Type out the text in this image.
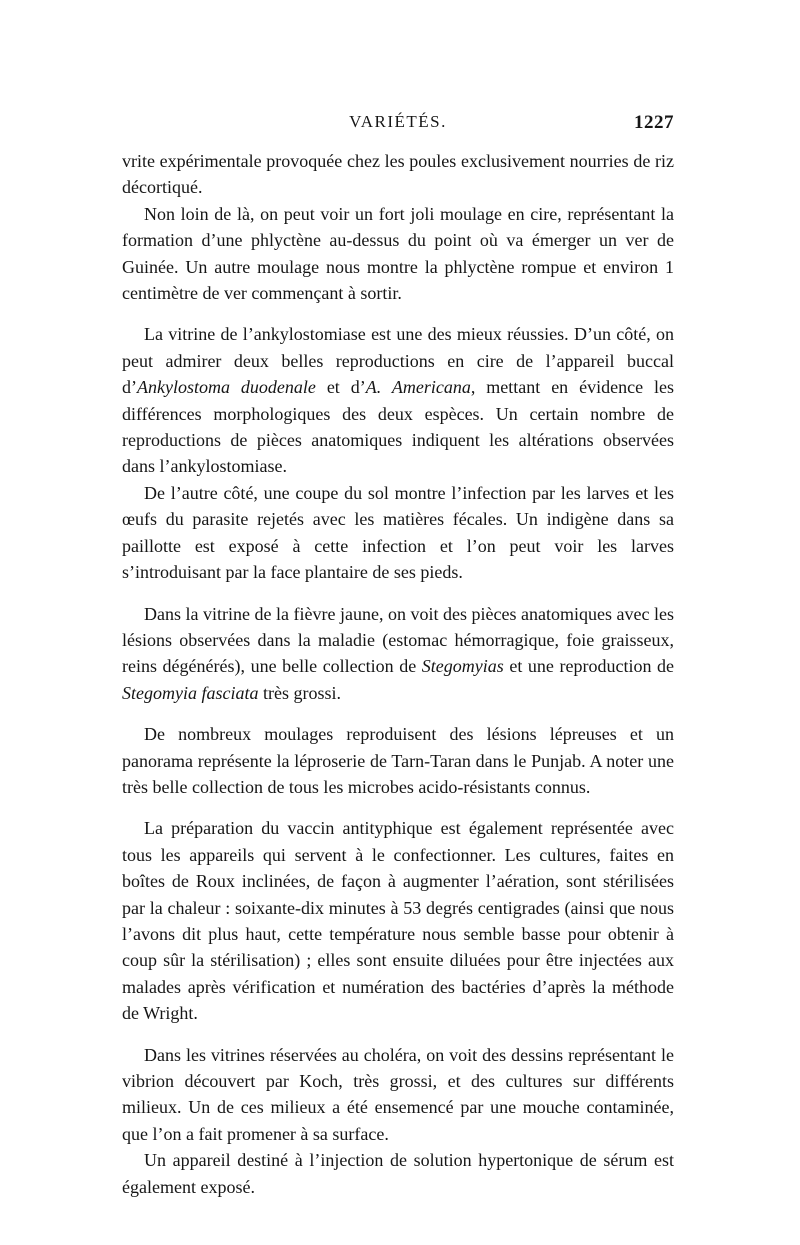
VARIÉTÉS.	1227

vrite expérimentale provoquée chez les poules exclusivement nourries de riz décortiqué.

Non loin de là, on peut voir un fort joli moulage en cire, représentant la formation d’une phlyctène au-dessus du point où va émerger un ver de Guinée. Un autre moulage nous montre la phlyctène rompue et environ 1 centimètre de ver commençant à sortir.

La vitrine de l’ankylostomiase est une des mieux réussies. D’un côté, on peut admirer deux belles reproductions en cire de l’appareil buccal d’Ankylostoma duodenale et d’A. Americana, mettant en évidence les différences morphologiques des deux espèces. Un certain nombre de reproductions de pièces anatomiques indiquent les altérations observées dans l’ankylostomiase.

De l’autre côté, une coupe du sol montre l’infection par les larves et les œufs du parasite rejetés avec les matières fécales. Un indigène dans sa paillotte est exposé à cette infection et l’on peut voir les larves s’introduisant par la face plantaire de ses pieds.

Dans la vitrine de la fièvre jaune, on voit des pièces anatomiques avec les lésions observées dans la maladie (estomac hémorragique, foie graisseux, reins dégénérés), une belle collection de Stegomyias et une reproduction de Stegomyia fasciata très grossi.

De nombreux moulages reproduisent des lésions lépreuses et un panorama représente la léproserie de Tarn-Taran dans le Punjab. A noter une très belle collection de tous les microbes acido-résistants connus.

La préparation du vaccin antityphique est également représentée avec tous les appareils qui servent à le confectionner. Les cultures, faites en boîtes de Roux inclinées, de façon à augmenter l’aération, sont stérilisées par la chaleur : soixante-dix minutes à 53 degrés centigrades (ainsi que nous l’avons dit plus haut, cette température nous semble basse pour obtenir à coup sûr la stérilisation) ; elles sont ensuite diluées pour être injectées aux malades après vérification et numération des bactéries d’après la méthode de Wright.

Dans les vitrines réservées au choléra, on voit des dessins représentant le vibrion découvert par Koch, très grossi, et des cultures sur différents milieux. Un de ces milieux a été ensemencé par une mouche contaminée, que l’on a fait promener à sa surface.

Un appareil destiné à l’injection de solution hypertonique de sérum est également exposé.
